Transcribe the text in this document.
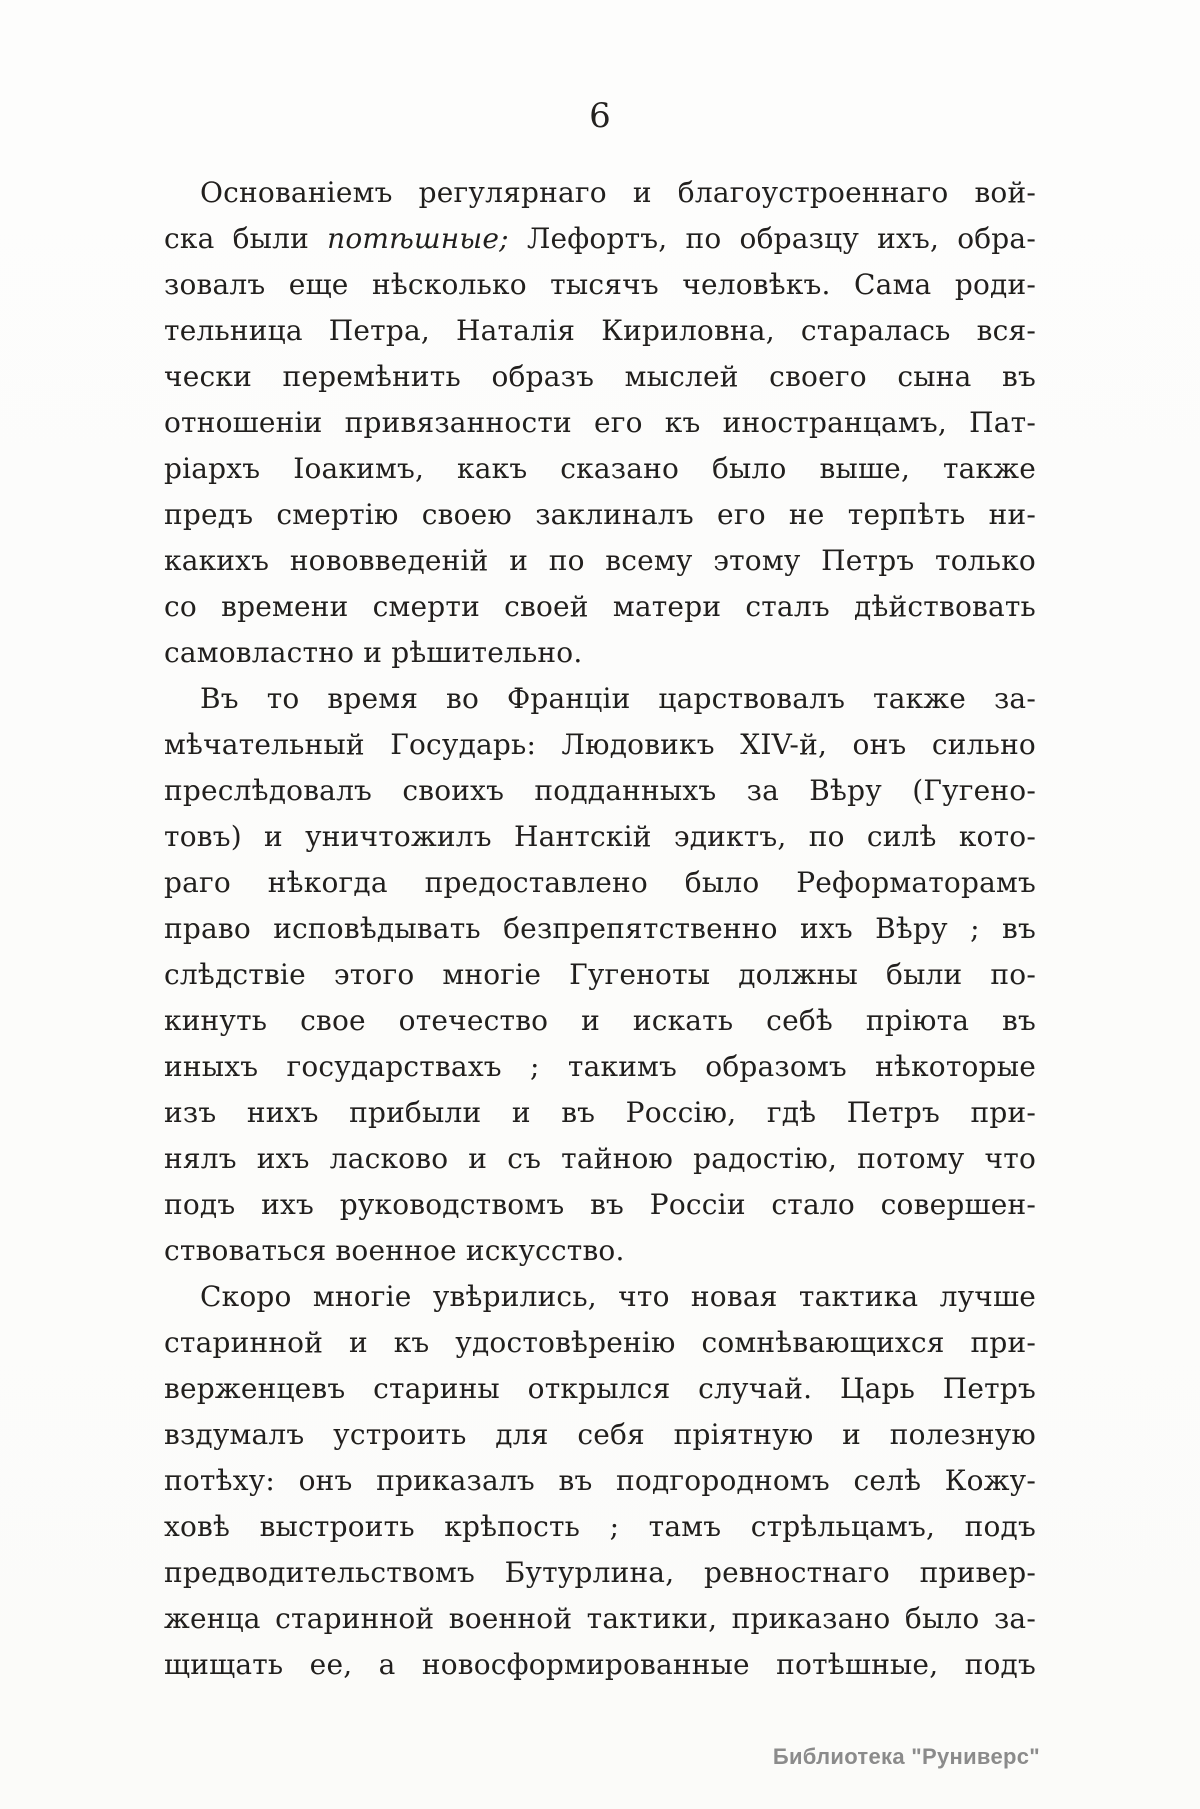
6
Основаніемъ регулярнаго и благоустроеннаго вой-
ска были потѣшные; Лефортъ, по образцу ихъ, обра-
зовалъ еще нѣсколько тысячъ человѣкъ. Сама роди-
тельница Петра, Наталія Кириловна, старалась вся-
чески перемѣнить образъ мыслей своего сына въ
отношеніи привязанности его къ иностранцамъ, Пат-
ріархъ Іоакимъ, какъ сказано было выше, также
предъ смертію своею заклиналъ его не терпѣть ни-
какихъ нововведеній и по всему этому Петръ только
со времени смерти своей матери сталъ дѣйствовать
самовластно и рѣшительно.
Въ то время во Франціи царствовалъ также за-
мѣчательный Государь: Людовикъ XIV-й, онъ сильно
преслѣдовалъ своихъ подданныхъ за Вѣру (Гугено-
товъ) и уничтожилъ Нантскій эдиктъ, по силѣ кото-
раго нѣкогда предоставлено было Реформаторамъ
право исповѣдывать безпрепятственно ихъ Вѣру ; въ
слѣдствіе этого многіе Гугеноты должны были по-
кинуть свое отечество и искать себѣ пріюта въ
иныхъ государствахъ ; такимъ образомъ нѣкоторые
изъ нихъ прибыли и въ Россію, гдѣ Петръ при-
нялъ ихъ ласково и съ тайною радостію, потому что
подъ ихъ руководствомъ въ Россіи стало совершен-
ствоваться военное искусство.
Скоро многіе увѣрились, что новая тактика лучше
старинной и къ удостовѣренію сомнѣвающихся при-
верженцевъ старины открылся случай. Царь Петръ
вздумалъ устроить для себя пріятную и полезную
потѣху: онъ приказалъ въ подгородномъ селѣ Кожу-
ховѣ выстроить крѣпость ; тамъ стрѣльцамъ, подъ
предводительствомъ Бутурлина, ревностнаго привер-
женца старинной военной тактики, приказано было за-
щищать ее, а новосформированные потѣшные, подъ
Библиотека "Руниверс"
